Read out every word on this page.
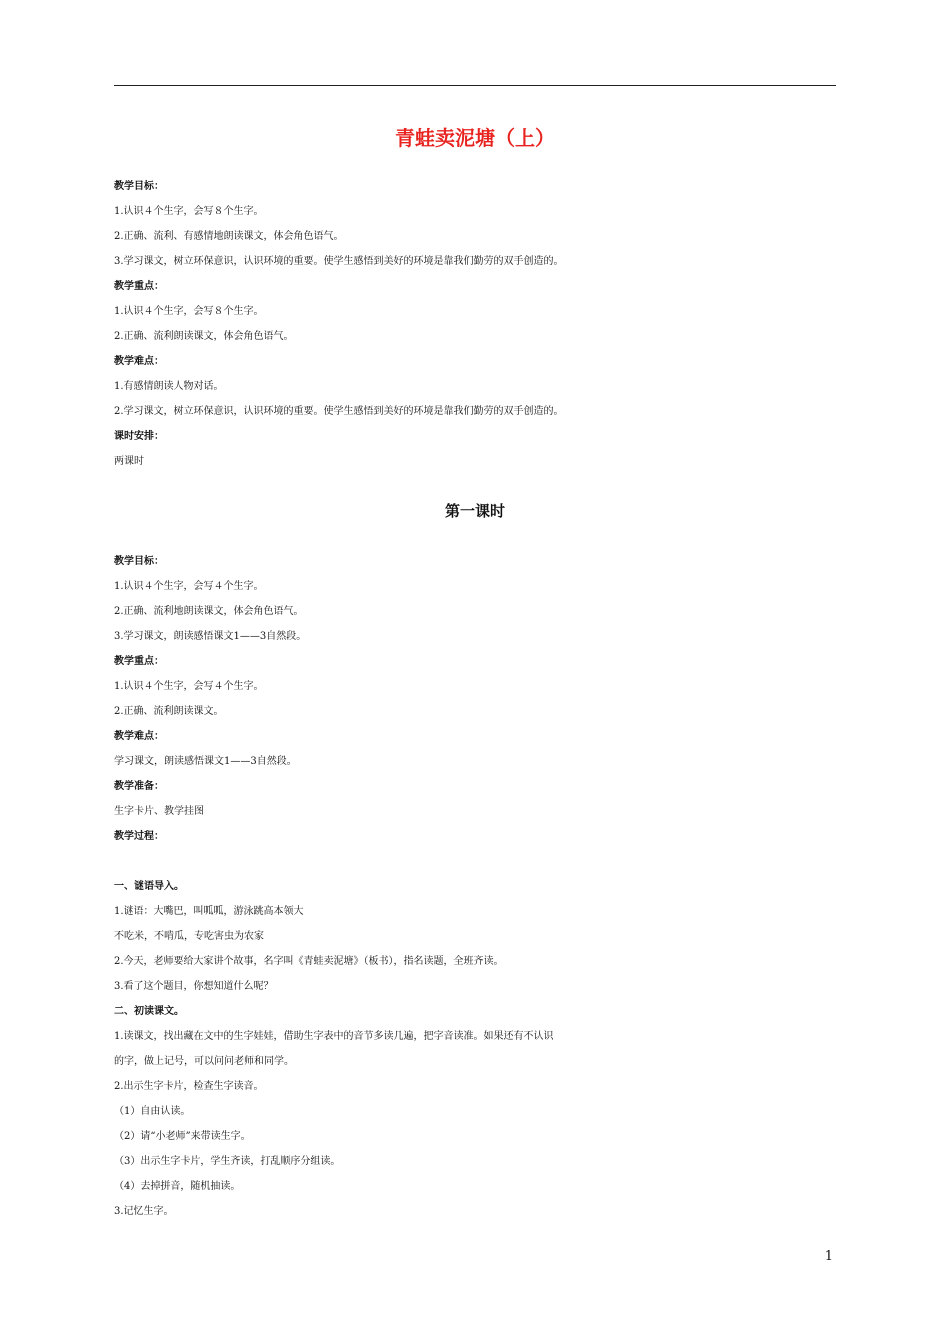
青蛙卖泥塘（上）
教学目标：
1.认识４个生字，会写８个生字。
2.正确、流利、有感情地朗读课文，体会角色语气。
3.学习课文，树立环保意识，认识环境的重要。使学生感悟到美好的环境是靠我们勤劳的双手创造的。
教学重点：
1.认识４个生字，会写８个生字。
2.正确、流利朗读课文，体会角色语气。
教学难点：
1.有感情朗读人物对话。
2.学习课文，树立环保意识，认识环境的重要。使学生感悟到美好的环境是靠我们勤劳的双手创造的。
课时安排：
两课时
第一课时
教学目标：
1.认识４个生字，会写４个生字。
2.正确、流利地朗读课文，体会角色语气。
3.学习课文，朗读感悟课文1——3自然段。
教学重点：
1.认识４个生字，会写４个生字。
2.正确、流利朗读课文。
教学难点：
学习课文，朗读感悟课文1——3自然段。
教学准备：
生字卡片、教学挂图
教学过程：
一、谜语导入。
1.谜语：大嘴巴，叫呱呱，游泳跳高本领大
不吃米，不啃瓜，专吃害虫为农家
2.今天，老师要给大家讲个故事，名字叫《青蛙卖泥塘》（板书），指名读题，全班齐读。
3.看了这个题目，你想知道什么呢？
二、初读课文。
1.读课文，找出藏在文中的生字娃娃，借助生字表中的音节多读几遍，把字音读准。如果还有不认识
的字，做上记号，可以问问老师和同学。
2.出示生字卡片，检查生字读音。
（1）自由认读。
（2）请“小老师”来带读生字。
（3）出示生字卡片，学生齐读，打乱顺序分组读。
（4）去掉拼音，随机抽读。
3.记忆生字。
1
